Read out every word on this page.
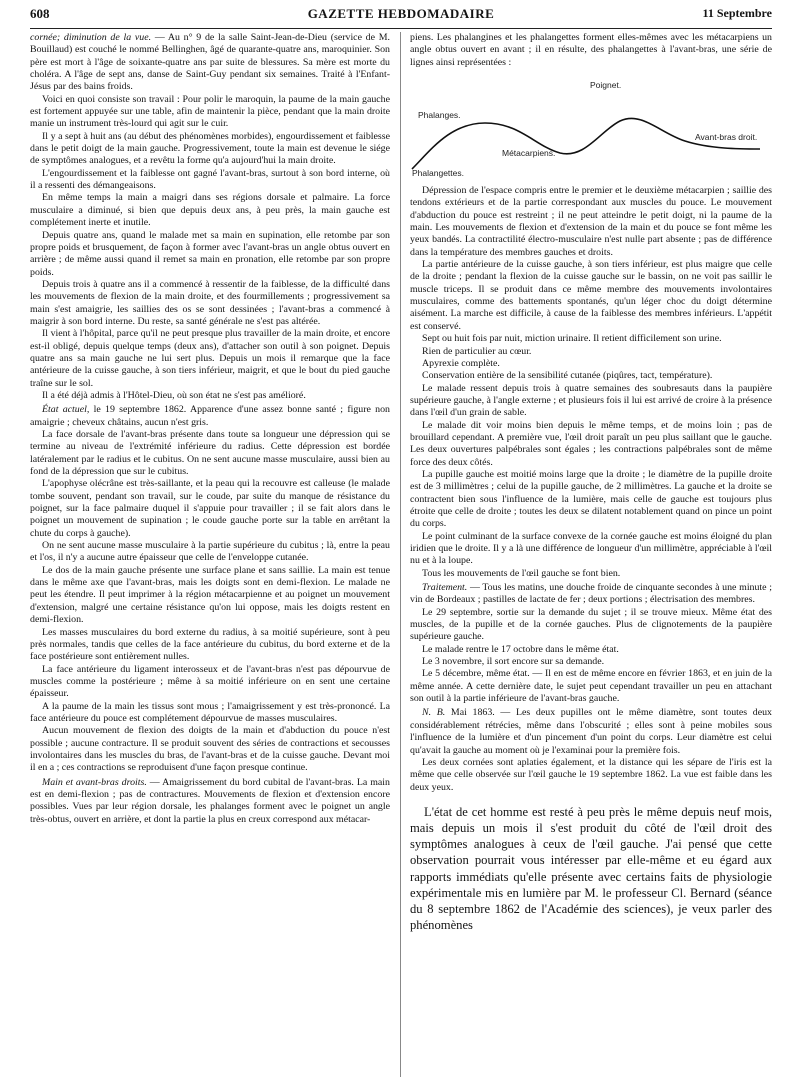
608	GAZETTE HEBDOMADAIRE	11 Septembre

cornée; diminution de la vue. — Au n° 9 de la salle Saint-Jean-de-Dieu (service de M. Bouillaud) est couché le nommé Bellinghen, âgé de quarante-quatre ans, maroquinier. Son père est mort à l'âge de soixante-quatre ans par suite de blessures. Sa mère est morte du choléra. A l'âge de sept ans, danse de Saint-Guy pendant six semaines. Traité à l'Enfant-Jésus par des bains froids.

Voici en quoi consiste son travail : Pour polir le maroquin, la paume de la main gauche est fortement appuyée sur une table, afin de maintenir la pièce, pendant que la main droite manie un instrument très-lourd qui agit sur le cuir.

Il y a sept à huit ans (au début des phénomènes morbides), engourdissement et faiblesse dans le petit doigt de la main gauche. Progressivement, toute la main est devenue le siége de symptômes analogues, et a revêtu la forme qu'a aujourd'hui la main droite.

L'engourdissement et la faiblesse ont gagné l'avant-bras, surtout à son bord interne, où il a ressenti des démangeaisons.

En même temps la main a maigri dans ses régions dorsale et palmaire. La force musculaire a diminué, si bien que depuis deux ans, à peu près, la main gauche est complétement inerte et inutile.

Depuis quatre ans, quand le malade met sa main en supination, elle retombe par son propre poids et brusquement, de façon à former avec l'avant-bras un angle obtus ouvert en arrière ; de même aussi quand il remet sa main en pronation, elle retombe par son propre poids.

Depuis trois à quatre ans il a commencé à ressentir de la faiblesse, de la difficulté dans les mouvements de flexion de la main droite, et des fourmillements ; progressivement sa main s'est amaigrie, les saillies des os se sont dessinées ; l'avant-bras a commencé à maigrir à son bord interne. Du reste, sa santé générale ne s'est pas altérée.

Il vient à l'hôpital, parce qu'il ne peut presque plus travailler de la main droite, et encore est-il obligé, depuis quelque temps (deux ans), d'attacher son outil à son poignet. Depuis quatre ans sa main gauche ne lui sert plus. Depuis un mois il remarque que la face antérieure de la cuisse gauche, à son tiers inférieur, maigrit, et que le bout du pied gauche traîne sur le sol.

Il a été déjà admis à l'Hôtel-Dieu, où son état ne s'est pas amélioré.

État actuel, le 19 septembre 1862. Apparence d'une assez bonne santé ; figure non amaigrie ; cheveux châtains, aucun n'est gris.

La face dorsale de l'avant-bras présente dans toute sa longueur une dépression qui se termine au niveau de l'extrémité inférieure du radius. Cette dépression est bordée latéralement par le radius et le cubitus. On ne sent aucune masse musculaire, aussi bien au fond de la dépression que sur le cubitus.

L'apophyse olécrâne est très-saillante, et la peau qui la recouvre est calleuse (le malade tombe souvent, pendant son travail, sur le coude, par suite du manque de résistance du poignet, sur la face palmaire duquel il s'appuie pour travailler ; il se fait alors dans le poignet un mouvement de supination ; le coude gauche porte sur la table en arrêtant la chute du corps à gauche).

On ne sent aucune masse musculaire à la partie supérieure du cubitus ; là, entre la peau et l'os, il n'y a aucune autre épaisseur que celle de l'enveloppe cutanée.

Le dos de la main gauche présente une surface plane et sans saillie. La main est tenue dans le même axe que l'avant-bras, mais les doigts sont en demi-flexion. Le malade ne peut les étendre. Il peut imprimer à la région métacarpienne et au poignet un mouvement d'extension, malgré une certaine résistance qu'on lui oppose, mais les doigts restent en demi-flexion.

Les masses musculaires du bord externe du radius, à sa moitié supérieure, sont à peu près normales, tandis que celles de la face antérieure du cubitus, du bord externe et de la face postérieure sont entièrement nulles.

La face antérieure du ligament interosseux et de l'avant-bras n'est pas dépourvue de muscles comme la postérieure ; même à sa moitié inférieure on en sent une certaine épaisseur.

A la paume de la main les tissus sont mous ; l'amaigrissement y est très-prononcé. La face antérieure du pouce est complétement dépourvue de masses musculaires.

Aucun mouvement de flexion des doigts de la main et d'abduction du pouce n'est possible ; aucune contracture. Il se produit souvent des séries de contractions et secousses involontaires dans les muscles du bras, de l'avant-bras et de la cuisse gauche. Devant moi il en a ; ces contractions se reproduisent d'une façon presque continue.

Main et avant-bras droits. — Amaigrissement du bord cubital de l'avant-bras. La main est en demi-flexion ; pas de contractures. Mouvements de flexion et d'extension encore possibles. Vues par leur région dorsale, les phalanges forment avec le poignet un angle très-obtus, ouvert en arrière, et dont la partie la plus en creux correspond aux métacar-

piens. Les phalangines et les phalangettes forment elles-mêmes avec les métacarpiens un angle obtus ouvert en avant ; il en résulte, des phalangettes à l'avant-bras, une série de lignes ainsi représentées :

Poignet.
Phalanges.
Avant-bras droit.
Métacarpiens.
Phalangettes.

Dépression de l'espace compris entre le premier et le deuxième métacarpien ; saillie des tendons extérieurs et de la partie correspondant aux muscles du pouce. Le mouvement d'abduction du pouce est restreint ; il ne peut atteindre le petit doigt, ni la paume de la main. Les mouvements de flexion et d'extension de la main et du pouce se font même les yeux bandés. La contractilité électro-musculaire n'est nulle part absente ; pas de différence dans la température des membres gauches et droits.

La partie antérieure de la cuisse gauche, à son tiers inférieur, est plus maigre que celle de la droite ; pendant la flexion de la cuisse gauche sur le bassin, on ne voit pas saillir le muscle triceps. Il se produit dans ce même membre des mouvements involontaires musculaires, comme des battements spontanés, qu'un léger choc du doigt détermine aisément. La marche est difficile, à cause de la faiblesse des membres inférieurs. L'appétit est conservé.

Sept ou huit fois par nuit, miction urinaire. Il retient difficilement son urine.

Rien de particulier au cœur.

Apyrexie complète.

Conservation entière de la sensibilité cutanée (piqûres, tact, température).

Le malade ressent depuis trois à quatre semaines des soubresauts dans la paupière supérieure gauche, à l'angle externe ; et plusieurs fois il lui est arrivé de croire à la présence dans l'œil d'un grain de sable.

Le malade dit voir moins bien depuis le même temps, et de moins loin ; pas de brouillard cependant. A première vue, l'œil droit paraît un peu plus saillant que le gauche. Les deux ouvertures palpébrales sont égales ; les contractions palpébrales sont de même force des deux côtés.

La pupille gauche est moitié moins large que la droite ; le diamètre de la pupille droite est de 3 millimètres ; celui de la pupille gauche, de 2 millimètres. La gauche et la droite se contractent bien sous l'influence de la lumière, mais celle de gauche est toujours plus étroite que celle de droite ; toutes les deux se dilatent notablement quand on pince un point du corps.

Le point culminant de la surface convexe de la cornée gauche est moins éloigné du plan iridien que le droite. Il y a là une différence de longueur d'un millimètre, appréciable à l'œil nu et à la loupe.

Tous les mouvements de l'œil gauche se font bien.

Traitement. — Tous les matins, une douche froide de cinquante secondes à une minute ; vin de Bordeaux ; pastilles de lactate de fer ; deux portions ; électrisation des membres.

Le 29 septembre, sortie sur la demande du sujet ; il se trouve mieux. Même état des muscles, de la pupille et de la cornée gauches. Plus de clignotements de la paupière supérieure gauche.

Le malade rentre le 17 octobre dans le même état.

Le 3 novembre, il sort encore sur sa demande.

Le 5 décembre, même état. — Il en est de même encore en février 1863, et en juin de la même année. A cette dernière date, le sujet peut cependant travailler un peu en attachant son outil à la partie inférieure de l'avant-bras gauche.

N. B. Mai 1863. — Les deux pupilles ont le même diamètre, sont toutes deux considérablement rétrécies, même dans l'obscurité ; elles sont à peine mobiles sous l'influence de la lumière et d'un pincement d'un point du corps. Leur diamètre est celui qu'avait la gauche au moment où je l'examinai pour la première fois.

Les deux cornées sont aplaties également, et la distance qui les sépare de l'iris est la même que celle observée sur l'œil gauche le 19 septembre 1862. La vue est faible dans les deux yeux.

L'état de cet homme est resté à peu près le même depuis neuf mois, mais depuis un mois il s'est produit du côté de l'œil droit des symptômes analogues à ceux de l'œil gauche. J'ai pensé que cette observation pourrait vous intéresser par elle-même et eu égard aux rapports immédiats qu'elle présente avec certains faits de physiologie expérimentale mis en lumière par M. le professeur Cl. Bernard (séance du 8 septembre 1862 de l'Académie des sciences), je veux parler des phénomènes
